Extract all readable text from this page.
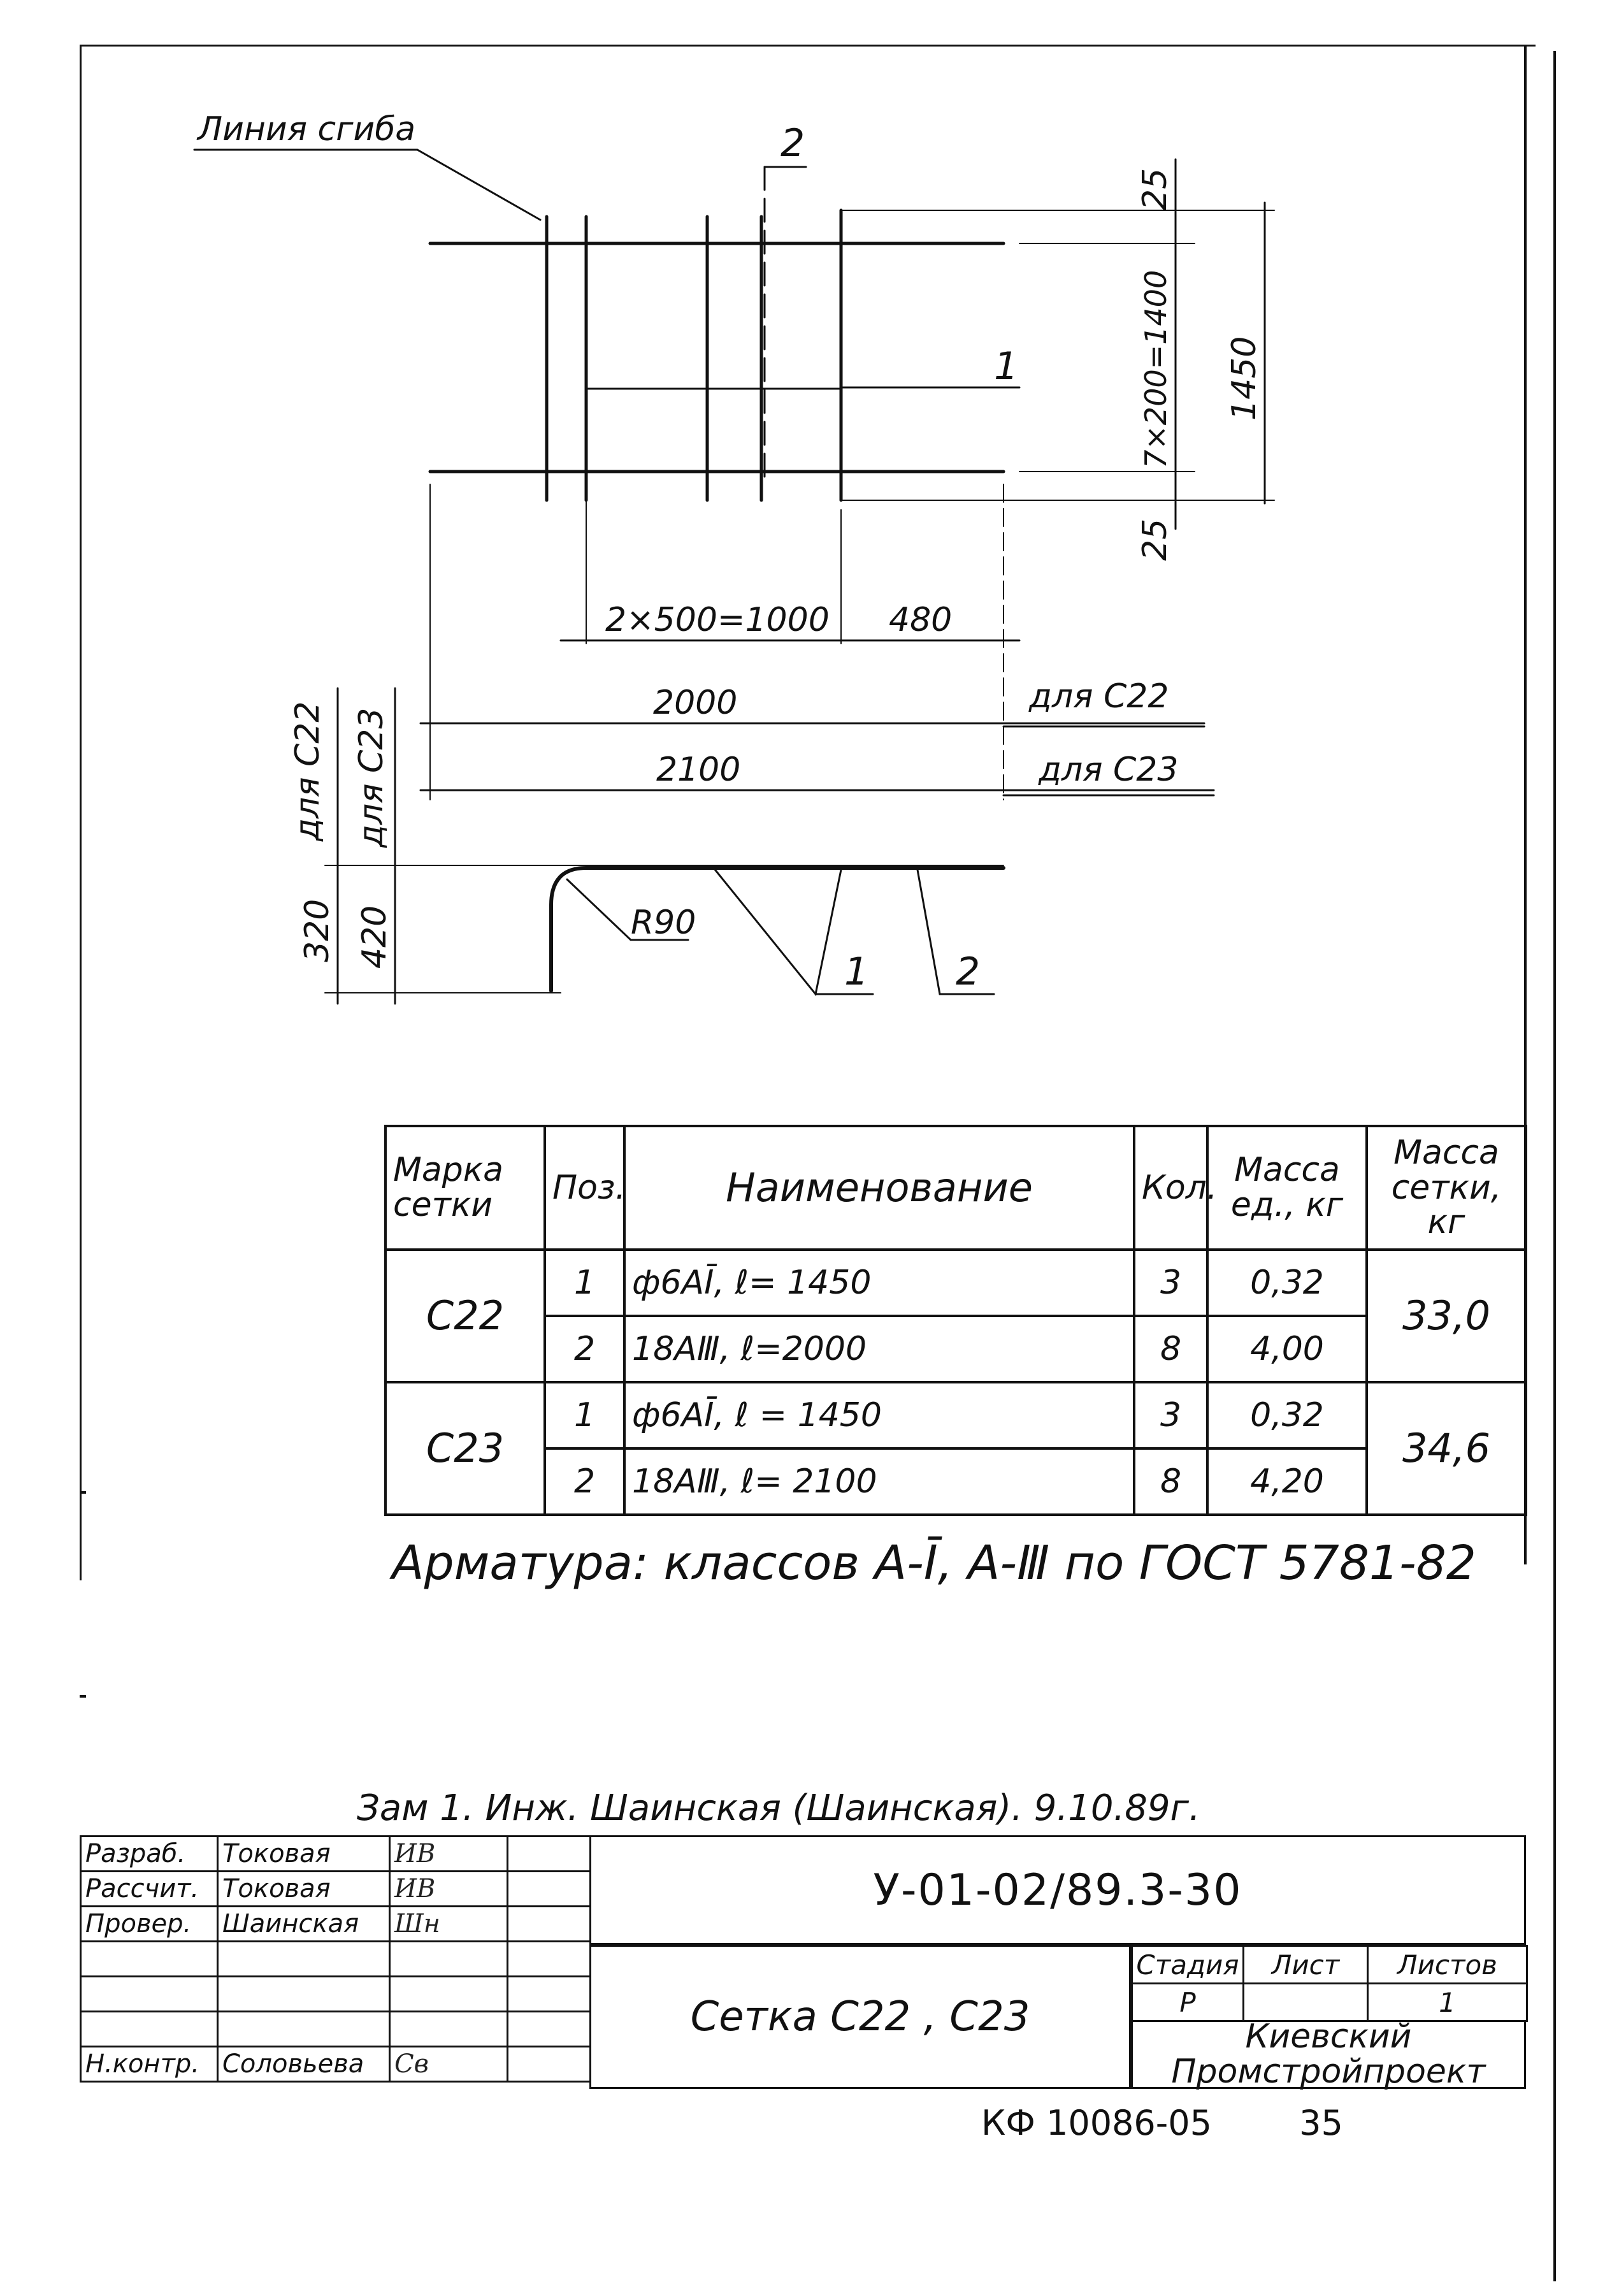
Линия сгиба	2
1
25
7×200=1400
25
1450
2×500=1000 480
2000
2100
для С22
для С23
для С22 для С23
320 420	R90
1 2
Марка сетки	Поз.	Наименование	Кол.	Масса ед., кг	Масса сетки, кг
С22	1	ф6АĪ, ℓ= 1450	3	0,32	33,0
	2	18АⅢ, ℓ=2000	8	4,00	
С23	1	ф6АĪ, ℓ = 1450	3	0,32	34,6
	2	18АⅢ, ℓ= 2100	8	4,20	
Арматура: классов А-Ī, А-Ⅲ по ГОСТ 5781-82
Зам 1. Инж. Шаинская (Шаинская). 9.10.89г.
Разраб.	Токовая	ИВ	
Рассчит.	Токовая	ИВ	
Провер.	Шаинская	Шн	

Н.контр.	Соловьева	Св	
У-01-02/89.3-30
Сетка С22 , С23
Стадия	Лист	Листов
Р		1
Киевский
Промстройпроект
КФ 10086-05	35
